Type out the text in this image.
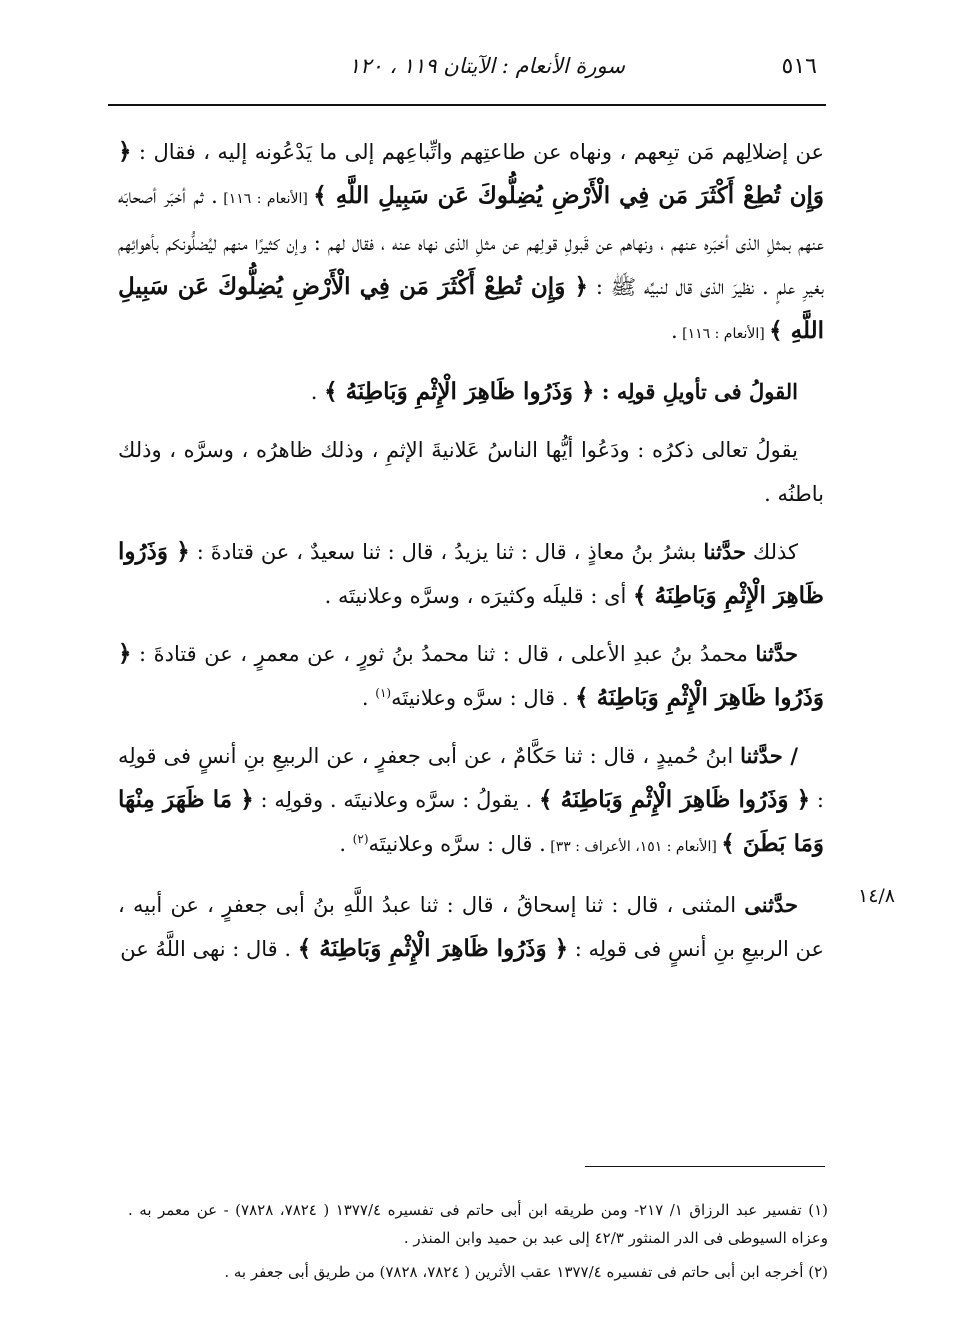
٥١٦
سورة الأنعام : الآيتان ١١٩ ، ١٢٠
١٤/٨

عن إضلالِهم مَن تبِعهم ، ونهاه عن طاعتِهم واتِّباعِهم إلى ما يَدْعُونه إليه ، فقال : ﴿ وَإِن تُطِعْ أَكْثَرَ مَن فِي الْأَرْضِ يُضِلُّوكَ عَن سَبِيلِ اللَّهِ ﴾ [الأنعام : ١١٦] . ثم أخبَر أصحابَه عنهم بمثلِ الذى أخبَره عنهم ، ونهاهم عن قَبولِ قولِهم عن مثلِ الذى نهاه عنه ، فقال لهم : وإن كثيرًا منهم ليُضلُّونكم بأهوائِهم بغيرِ علمٍ . نظيرَ الذى قال لنبيِّه ﷺ : ﴿ وَإِن تُطِعْ أَكْثَرَ مَن فِي الْأَرْضِ يُضِلُّوكَ عَن سَبِيلِ اللَّهِ ﴾ [الأنعام : ١١٦] .

القولُ فى تأويلِ قولِه : ﴿ وَذَرُوا ظَاهِرَ الْإِثْمِ وَبَاطِنَهُ ﴾ .

يقولُ تعالى ذكرُه : ودَعُوا أيُّها الناسُ عَلانيةَ الإثمِ ، وذلك ظاهرُه ، وسرَّه ، وذلك باطنُه .

كذلك حدَّثنا بشرُ بنُ معاذٍ ، قال : ثنا يزيدُ ، قال : ثنا سعيدٌ ، عن قتادةَ : ﴿ وَذَرُوا ظَاهِرَ الْإِثْمِ وَبَاطِنَهُ ﴾ أى : قليلَه وكثيرَه ، وسرَّه وعلانيتَه .

حدَّثنا محمدُ بنُ عبدِ الأعلى ، قال : ثنا محمدُ بنُ ثورٍ ، عن معمرٍ ، عن قتادةَ : ﴿ وَذَرُوا ظَاهِرَ الْإِثْمِ وَبَاطِنَهُ ﴾ . قال : سرَّه وعلانيتَه$^{(١)}$ .

/ حدَّثنا ابنُ حُميدٍ ، قال : ثنا حَكَّامٌ ، عن أبى جعفرٍ ، عن الربيعِ بنِ أنسٍ فى قولِه : ﴿ وَذَرُوا ظَاهِرَ الْإِثْمِ وَبَاطِنَهُ ﴾ . يقولُ : سرَّه وعلانيتَه . وقولِه : ﴿ مَا ظَهَرَ مِنْهَا وَمَا بَطَنَ ﴾ [الأنعام : ١٥١، الأعراف : ٣٣] . قال : سرَّه وعلانيتَه$^{(٢)}$ .

حدَّثنى المثنى ، قال : ثنا إسحاقُ ، قال : ثنا عبدُ اللَّهِ بنُ أبى جعفرٍ ، عن أبيه ، عن الربيعِ بنِ أنسٍ فى قولِه : ﴿ وَذَرُوا ظَاهِرَ الْإِثْمِ وَبَاطِنَهُ ﴾ . قال : نهى اللَّهُ عن

(١) تفسير عبد الرزاق ١/ ٢١٧- ومن طريقه ابن أبى حاتم فى تفسيره ١٣٧٧/٤ ( ٧٨٢٤، ٧٨٢٨) - عن معمر به . وعزاه السيوطى فى الدر المنثور ٤٢/٣ إلى عبد بن حميد وابن المنذر .

(٢) أخرجه ابن أبى حاتم فى تفسيره ١٣٧٧/٤ عقب الأثرين ( ٧٨٢٤، ٧٨٢٨) من طريق أبى جعفر به .
